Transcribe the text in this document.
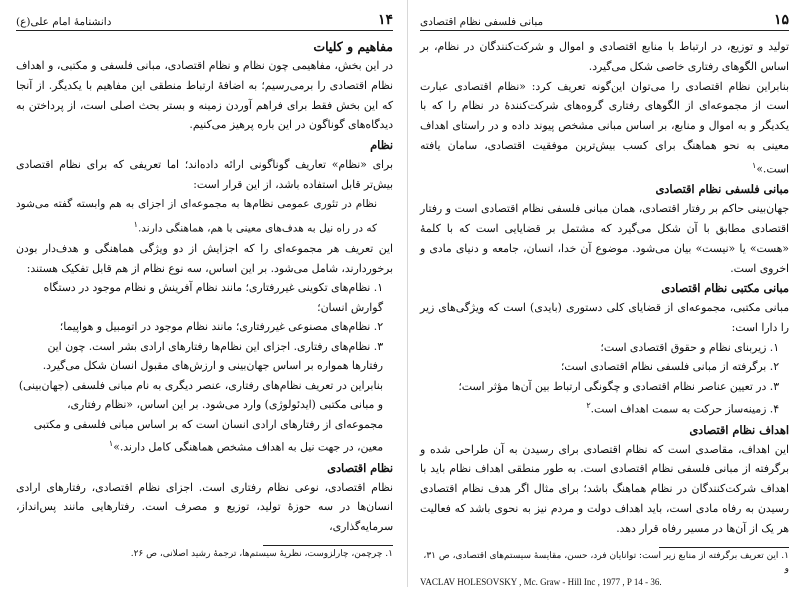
۱۴
دانشنامهٔ امام علی(ع)
مفاهیم و کلیات

در این بخش، مفاهیمی چون نظام و نظام اقتصادی، مبانی فلسفی و مکتبی، و اهداف نظام اقتصادی را برمی‌رسیم؛ به اضافهٔ ارتباط منطقی این مفاهیم با یکدیگر. از آنجا که این بخش فقط برای فراهم آوردن زمینه و بستر بحث اصلی است، از پرداختن به دیدگاه‌های گوناگون در این باره پرهیز می‌کنیم.

نظام

برای «نظام» تعاریف گوناگونی ارائه داده‌اند؛ اما تعریفی که برای نظام اقتصادی بیش‌تر قابل استفاده باشد، از این قرار است:

نظام در تئوری عمومی نظام‌ها به مجموعه‌ای از اجزای به هم وابسته گفته می‌شود که در راه نیل به هدف‌های معینی با هم، هماهنگی دارند.$^۱$

این تعریف هر مجموعه‌ای را که اجزایش از دو ویژگی هماهنگی و هدف‌دار بودن برخوردارند، شامل می‌شود. بر این اساس، سه نوع نظام از هم قابل تفکیک هستند:

۱. نظام‌های تکوینی غیررفتاری؛ مانند نظام آفرینش و نظام موجود در دستگاه گوارش انسان؛
۲. نظام‌های مصنوعی غیررفتاری؛ مانند نظام موجود در اتومبیل و هواپیما؛
۳. نظام‌های رفتاری. اجزای این نظام‌ها رفتارهای ارادی بشر است. چون این رفتارها همواره بر اساس جهان‌بینی و ارزش‌های مقبول انسان شکل می‌گیرد. بنابراین در تعریف نظام‌های رفتاری، عنصر دیگری به نام مبانی فلسفی (جهان‌بینی) و مبانی مکتبی (ایدئولوژی) وارد می‌شود. بر این اساس، «نظام رفتاری، مجموعه‌ای از رفتارهای ارادی انسان است که بر اساس مبانی فلسفی و مکتبی معین، در جهت نیل به اهداف مشخص هماهنگی کامل دارند.»$^۱$
نظام اقتصادی

نظام اقتصادی، نوعی نظام رفتاری است. اجزای نظام اقتصادی، رفتارهای ارادی انسان‌ها در سه حوزهٔ تولید، توزیع و مصرف است. رفتارهایی مانند پس‌انداز، سرمایه‌گذاری،

۱. چرچمن، چارلزوست، نظریهٔ سیستم‌ها، ترجمهٔ رشید اصلانی، ص ۲۶.
۱۵
مبانی فلسفی نظام اقتصادی

تولید و توزیع، در ارتباط با منابع اقتصادی و اموال و شرکت‌کنندگان در نظام، بر اساس الگوهای رفتاری خاصی شکل می‌گیرد.

بنابراین نظام اقتصادی را می‌توان این‌گونه تعریف کرد: «نظام اقتصادی عبارت است از مجموعه‌ای از الگوهای رفتاری گروه‌های شرکت‌کنندهٔ در نظام را که با یکدیگر و به اموال و منابع، بر اساس مبانی مشخص پیوند داده و در راستای اهداف معینی به نحو هماهنگ برای کسب بیش‌ترین موفقیت اقتصادی، سامان یافته است.»$^۱$

مبانی فلسفی نظام اقتصادی

جهان‌بینی حاکم بر رفتار اقتصادی، همان مبانی فلسفی نظام اقتصادی است و رفتار اقتصادی مطابق با آن شکل می‌گیرد که مشتمل بر قضایایی است که با کلمهٔ «هست» یا «نیست» بیان می‌شود. موضوع آن خدا، انسان، جامعه و دنیای مادی و اخروی است.

مبانی مکتبی نظام اقتصادی

مبانی مکتبی، مجموعه‌ای از قضایای کلی دستوری (بایدی) است که ویژگی‌های زیر را دارا است:

۱. زیربنای نظام و حقوق اقتصادی است؛
۲. برگرفته از مبانی فلسفی نظام اقتصادی است؛
۳. در تعیین عناصر نظام اقتصادی و چگونگی ارتباط بین آن‌ها مؤثر است؛
۴. زمینه‌ساز حرکت به سمت اهداف است.$^۲$
اهداف نظام اقتصادی

این اهداف، مقاصدی است که نظام اقتصادی برای رسیدن به آن طراحی شده و برگرفته از مبانی فلسفی نظام اقتصادی است. به طور منطقی اهداف نظام باید با اهداف شرکت‌کنندگان در نظام هماهنگ باشد؛ برای مثال اگر هدف نظام اقتصادی رسیدن به رفاه مادی است، باید اهداف دولت و مردم نیز به نحوی باشد که فعالیت هر یک از آن‌ها در مسیر رفاه قرار دهد.

۱. این تعریف برگرفته از منابع زیر است: توانایان فرد، حسن، مقایسهٔ سیستم‌های اقتصادی، ص ۳۱، و
VACLAV HOLESOVSKY , Mc. Graw - Hill Inc , 1977 , P 14 - 36.
